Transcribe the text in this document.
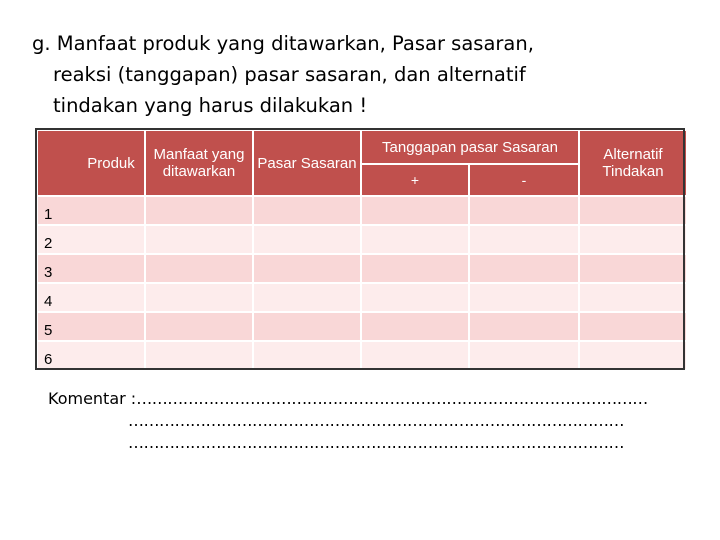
g. Manfaat produk yang ditawarkan, Pasar sasaran,
reaksi (tanggapan) pasar sasaran, dan alternatif
tindakan yang harus dilakukan !
Produk	Manfaat yang ditawarkan	Pasar Sasaran	Tanggapan pasar Sasaran		Alternatif Tindakan
			+	-	
1					
2					
3					
4					
5					
6					
Komentar :………………………………………………………………………………………
……………………………………………………………………………………
……………………………………………………………………………………
